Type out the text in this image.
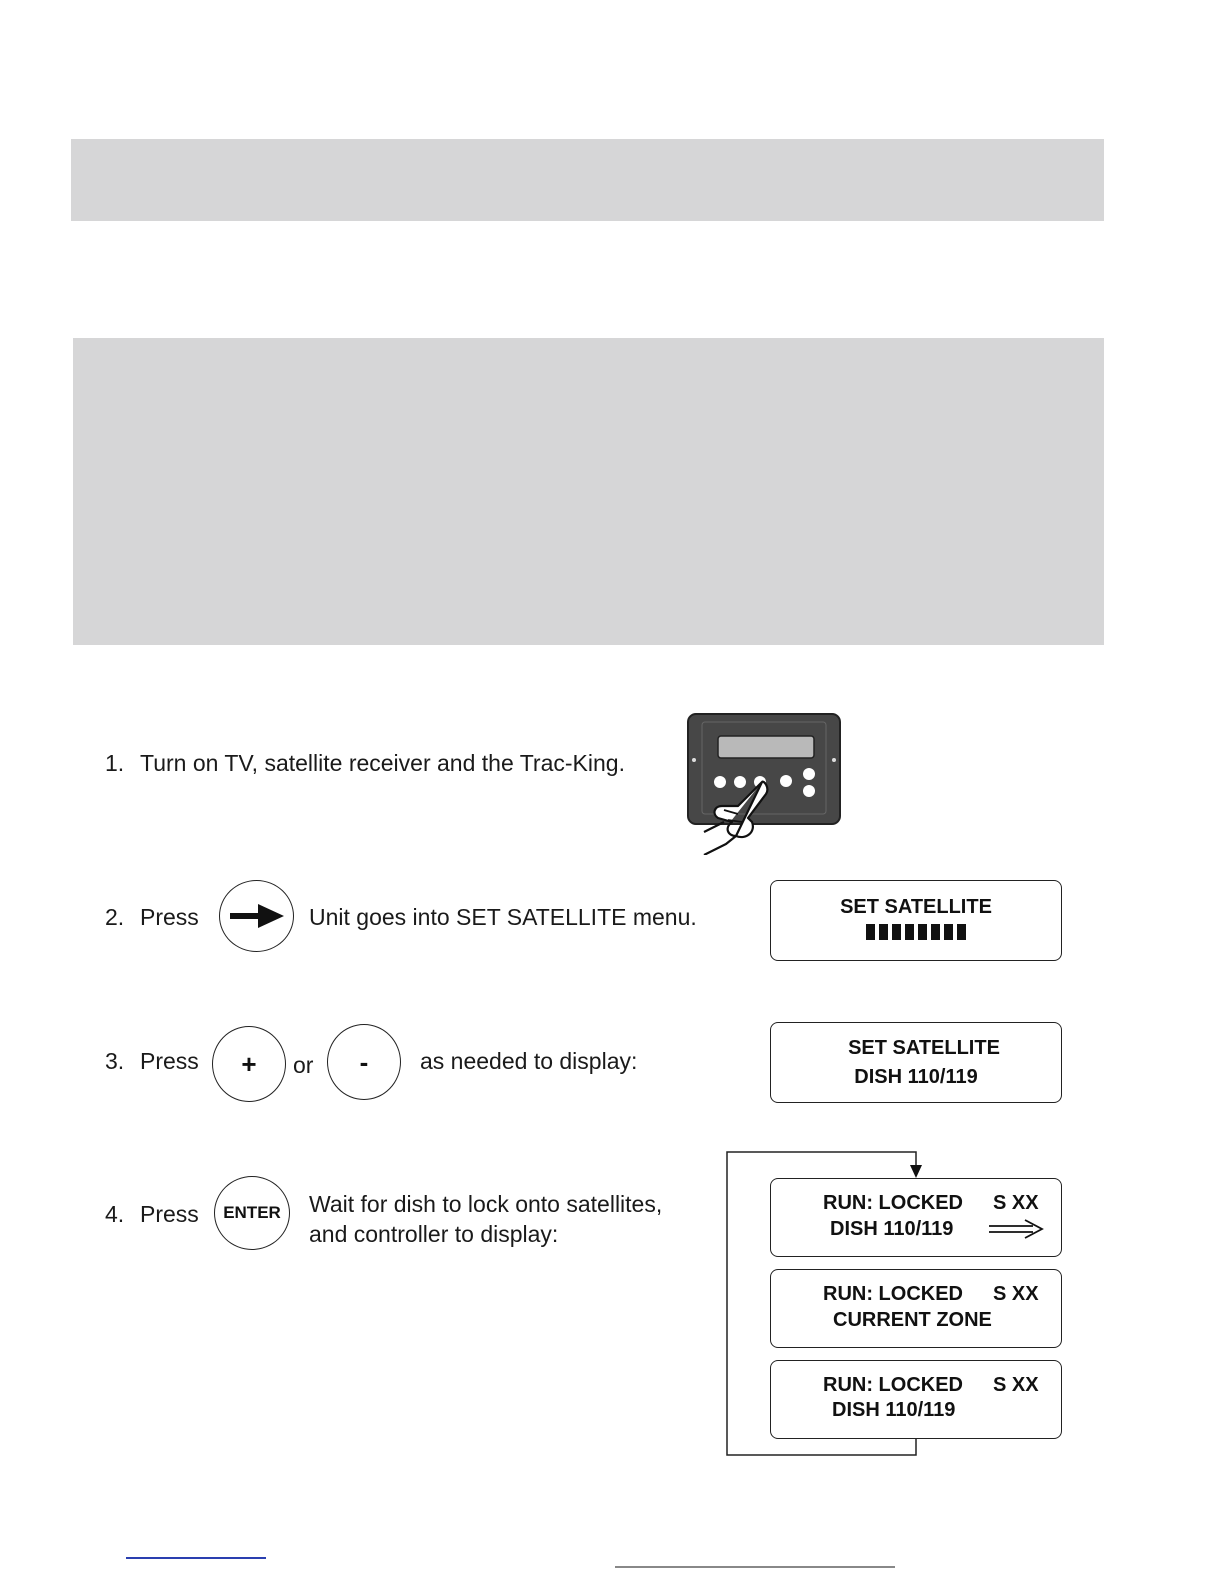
1. Turn on TV, satellite receiver and the Trac-King.
2. Press	Unit goes into SET SATELLITE menu.	SET SATELLITE
3. Press + or - as needed to display:	SET SATELLITE
DISH 110/119
4. Press ENTER Wait for dish to lock onto satellites,
and controller to display:
RUN: LOCKED S XX
DISH 110/119
RUN: LOCKED S XX
CURRENT ZONE
RUN: LOCKED S XX
DISH 110/119
